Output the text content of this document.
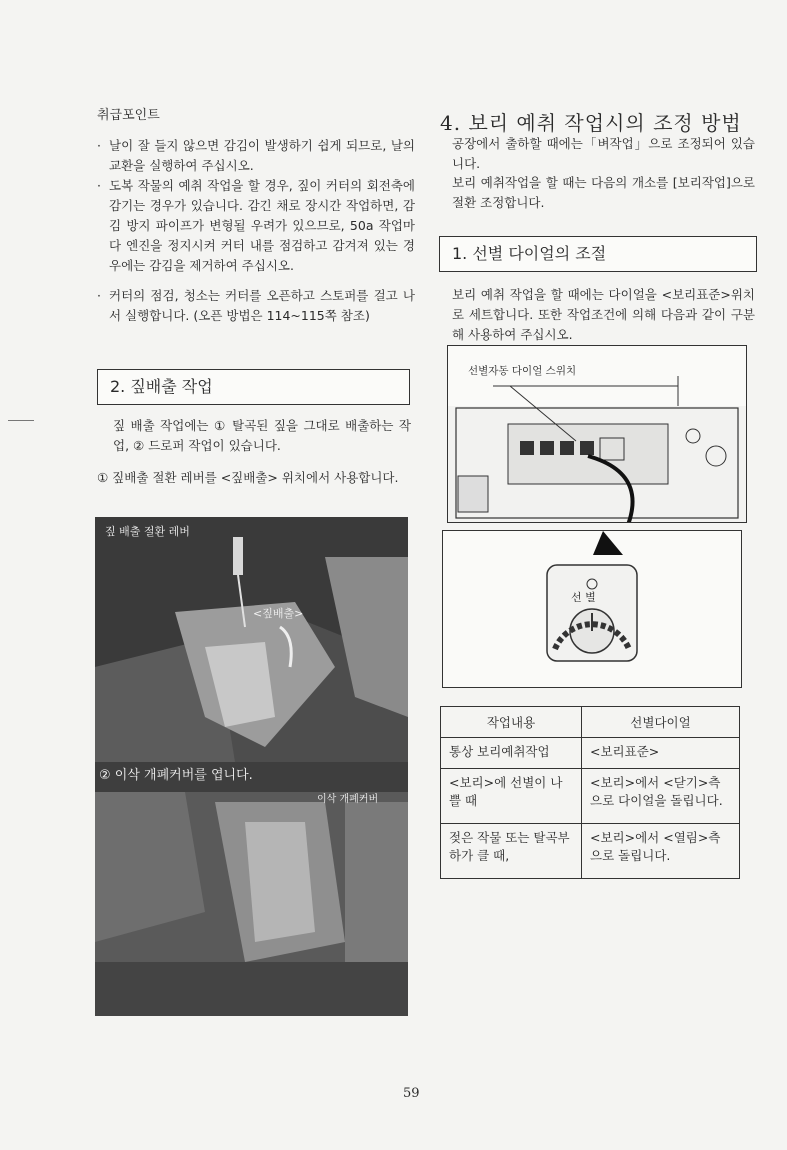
취급포인트

· 날이 잘 들지 않으면 감김이 발생하기 쉽게 되므로, 날의 교환을 실행하여 주십시오.
· 도복 작물의 예취 작업을 할 경우, 짚이 커터의 회전축에 감기는 경우가 있습니다. 감긴 채로 장시간 작업하면, 감김 방지 파이프가 변형될 우려가 있으므로, 50a 작업마다 엔진을 정지시켜 커터 내를 점검하고 감겨져 있는 경우에는 감김을 제거하여 주십시오.
· 커터의 점검, 청소는 커터를 오픈하고 스토퍼를 걸고 나서 실행합니다. (오픈 방법은 114~115쪽 참조)
2. 짚배출 작업

짚 배출 작업에는 ① 탈곡된 짚을 그대로 배출하는 작업, ② 드로퍼 작업이 있습니다.

① 짚배출 절환 레버를 <짚배출> 위치에서 사용합니다.

짚 배출 절환 레버
<짚배출>
② 이삭 개폐커버를 엽니다.
이삭 개폐커버

4. 보리 예취 작업시의 조정 방법

공장에서 출하할 때에는「벼작업」으로 조정되어 있습니다.

보리 예취작업을 할 때는 다음의 개소를 [보리작업]으로 절환 조정합니다.

1. 선별 다이얼의 조절

보리 예취 작업을 할 때에는 다이얼을 <보리표준>위치로 세트합니다. 또한 작업조건에 의해 다음과 같이 구분해 사용하여 주십시오.

선별자동 다이얼 스위치
선 별
작업내용	선별다이얼
통상 보리예취작업	<보리표준>
<보리>에 선별이 나쁠 때	<보리>에서 <닫기>측으로 다이얼을 돌립니다.
젖은 작물 또는 탈곡부하가 클 때,	<보리>에서 <열림>측으로 돌립니다.

59
